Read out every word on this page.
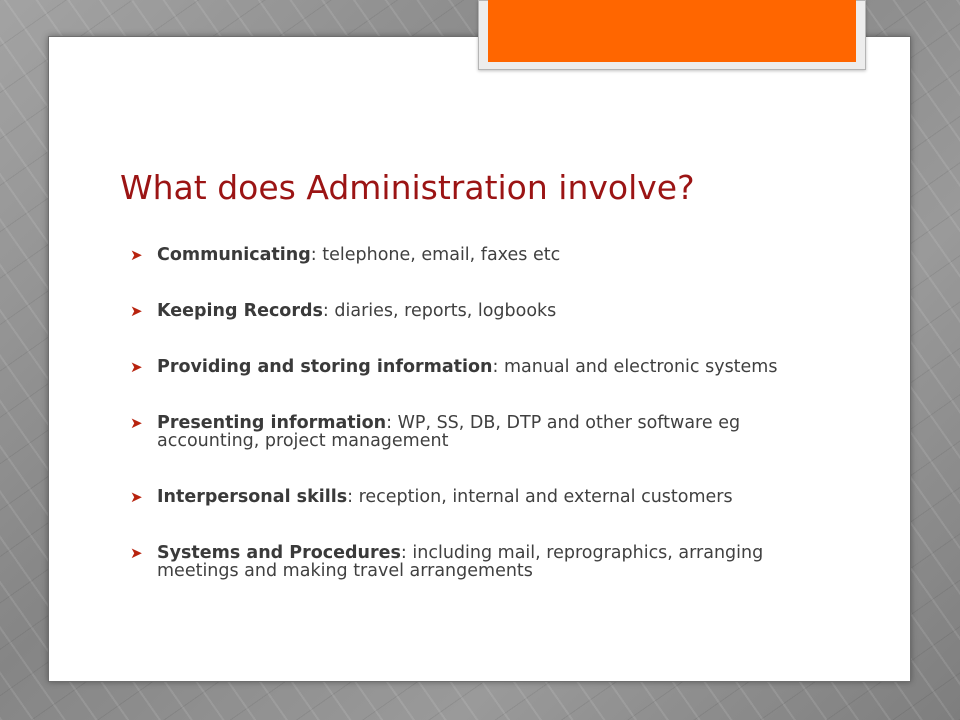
What does Administration involve?
➤ Communicating: telephone, email, faxes etc
➤ Keeping Records: diaries, reports, logbooks
➤ Providing and storing information: manual and electronic systems
➤ Presenting information: WP, SS, DB, DTP and other software eg accounting, project management
➤ Interpersonal skills: reception, internal and external customers
➤ Systems and Procedures: including mail, reprographics, arranging meetings and making travel arrangements
